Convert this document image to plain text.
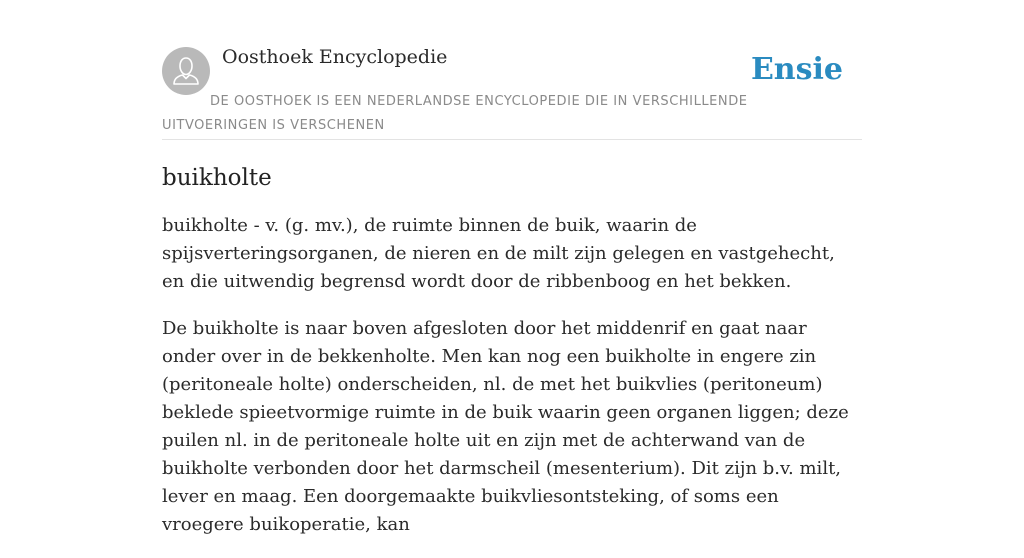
Oosthoek Encyclopedie	Ensie
DE OOSTHOEK IS EEN NEDERLANDSE ENCYCLOPEDIE DIE IN VERSCHILLENDE UITVOERINGEN IS VERSCHENEN
buikholte

buikholte - v. (g. mv.), de ruimte binnen de buik, waarin de spijsverteringsorganen, de nieren en de milt zijn gelegen en vastgehecht, en die uitwendig begrensd wordt door de ribbenboog en het bekken.

De buikholte is naar boven afgesloten door het middenrif en gaat naar onder over in de bekkenholte. Men kan nog een buikholte in engere zin (peritoneale holte) onderscheiden, nl. de met het buikvlies (peritoneum) beklede spieetvormige ruimte in de buik waarin geen organen liggen; deze puilen nl. in de peritoneale holte uit en zijn met de achterwand van de buikholte verbonden door het darmscheil (mesenterium). Dit zijn b.v. milt, lever en maag. Een doorgemaakte buikvliesontsteking, of soms een vroegere buikoperatie, kan
